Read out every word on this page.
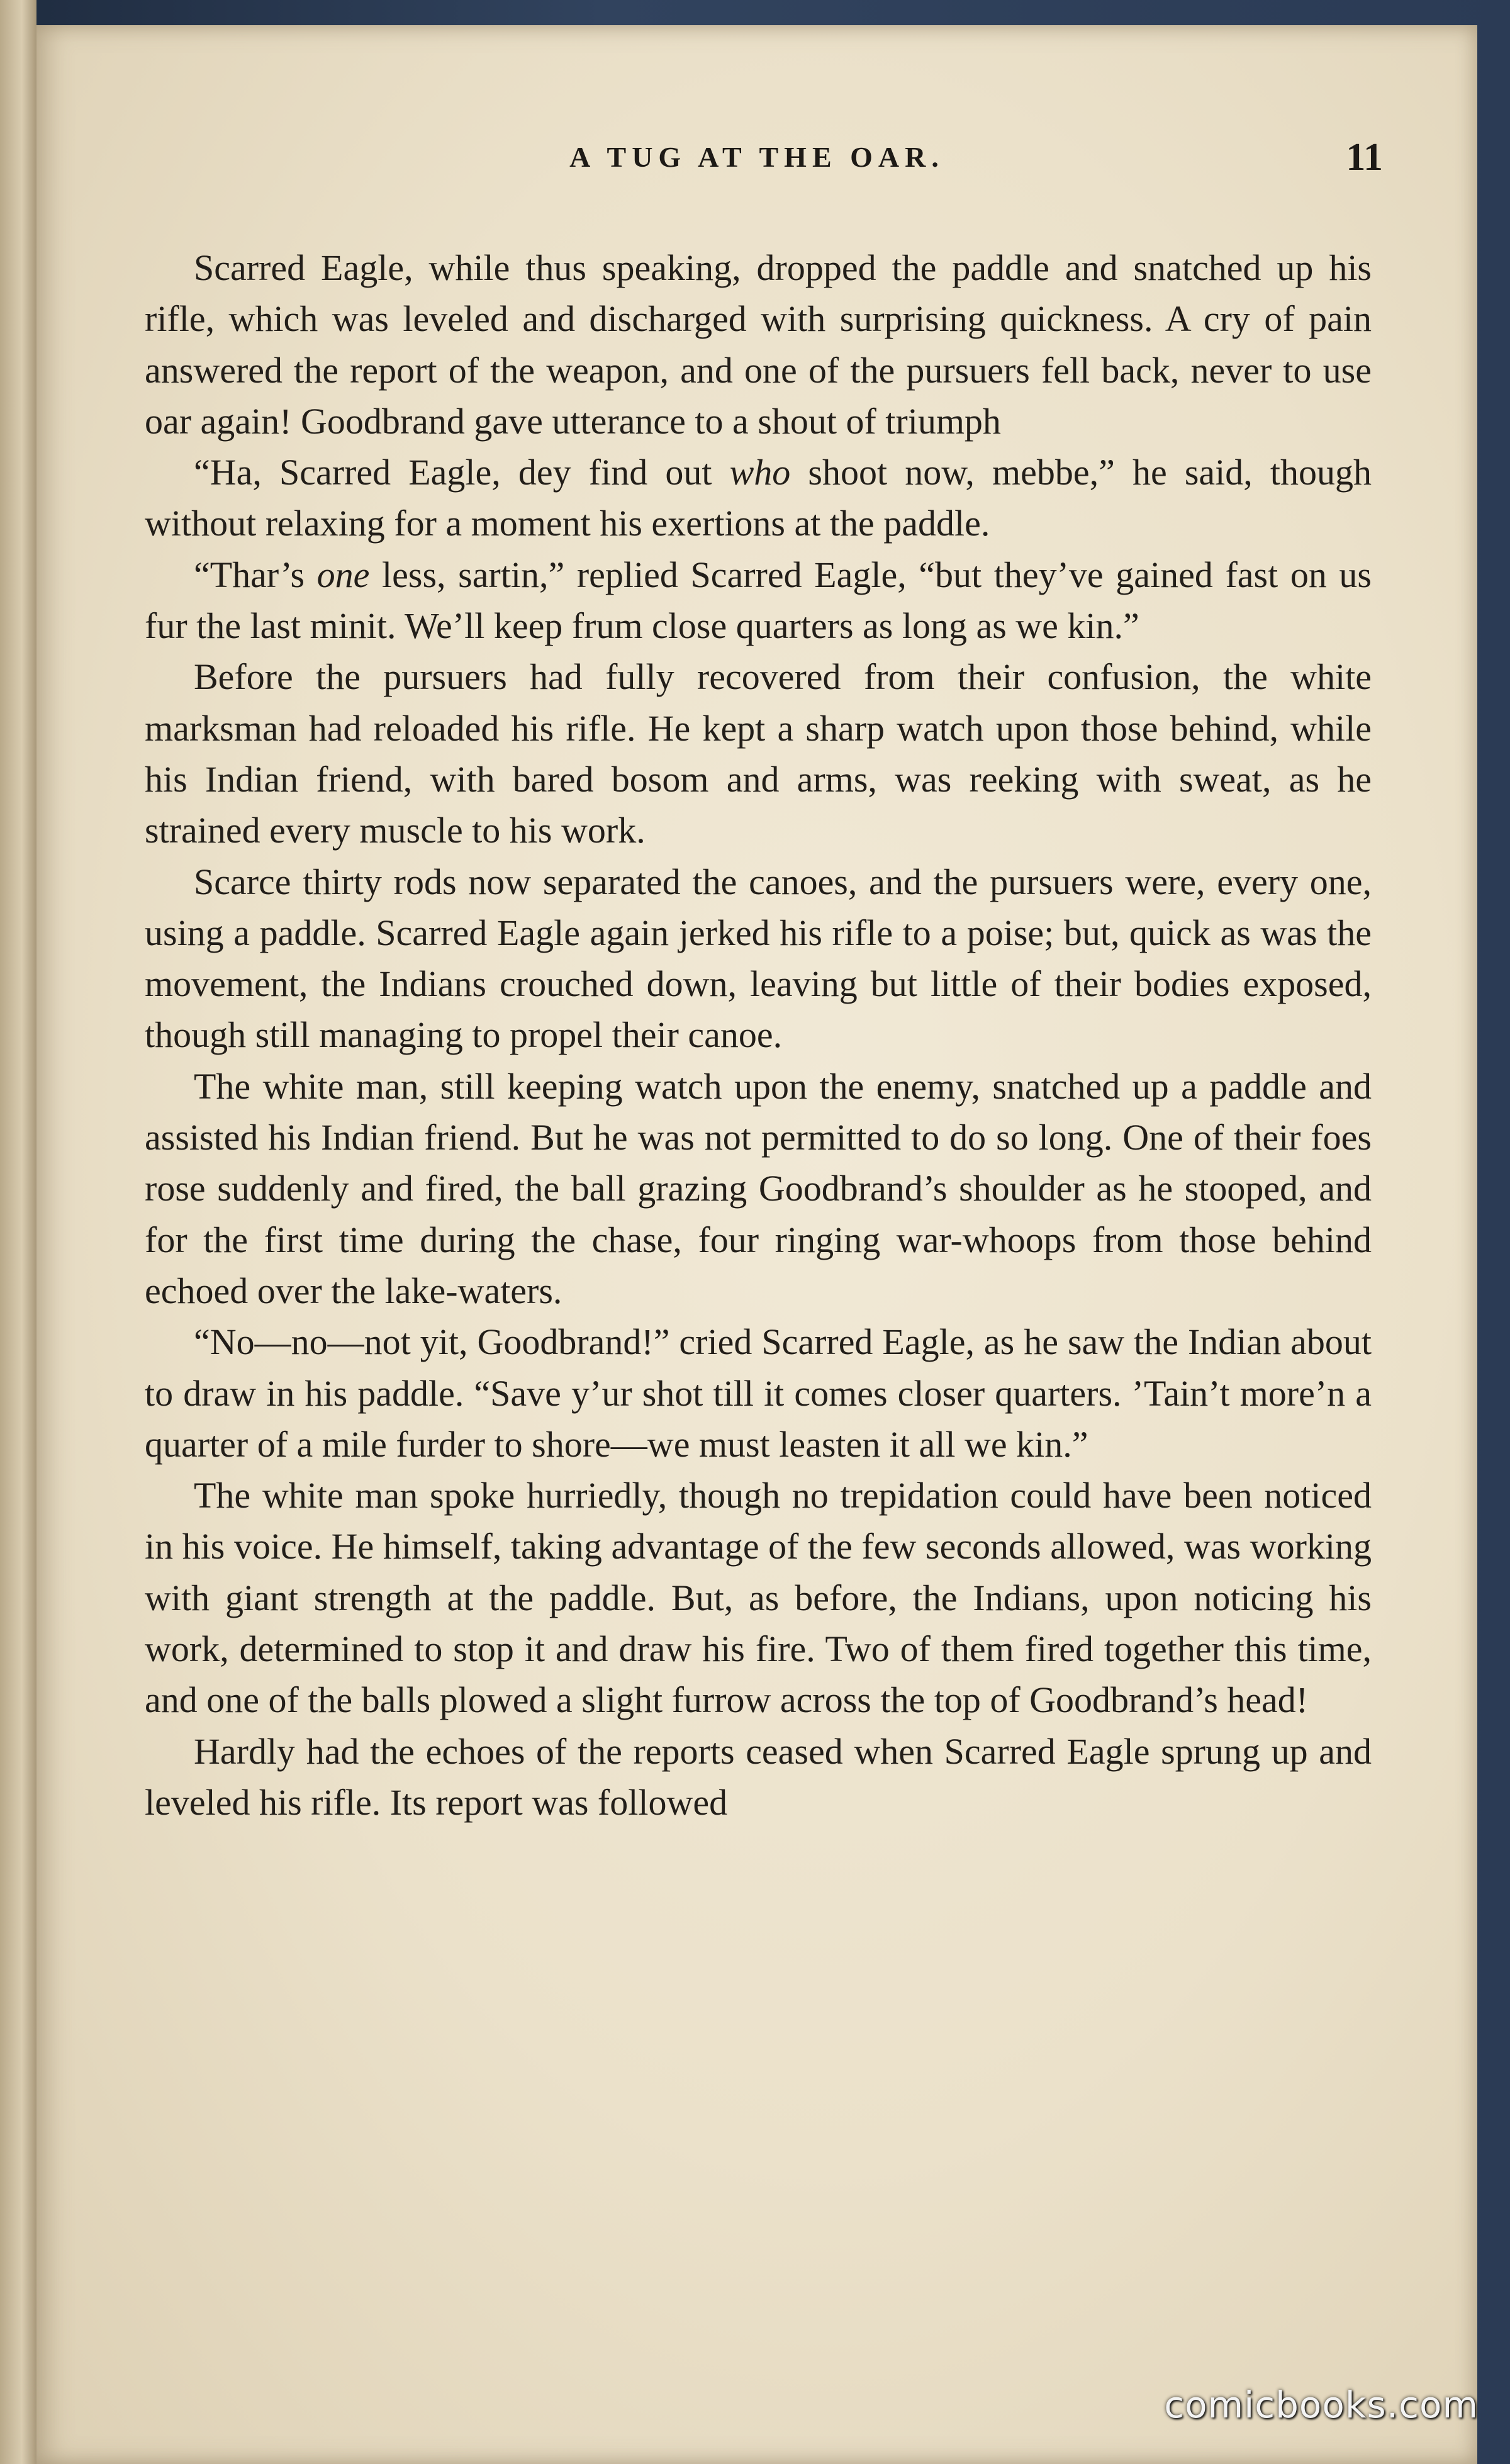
A TUG AT THE OAR.	11

Scarred Eagle, while thus speaking, dropped the paddle and snatched up his rifle, which was leveled and discharged with surprising quickness. A cry of pain answered the report of the weapon, and one of the pursuers fell back, never to use oar again! Goodbrand gave utterance to a shout of triumph

“Ha, Scarred Eagle, dey find out who shoot now, mebbe,” he said, though without relaxing for a moment his exertions at the paddle.

“Thar’s one less, sartin,” replied Scarred Eagle, “but they’ve gained fast on us fur the last minit. We’ll keep frum close quarters as long as we kin.”

Before the pursuers had fully recovered from their confusion, the white marksman had reloaded his rifle. He kept a sharp watch upon those behind, while his Indian friend, with bared bosom and arms, was reeking with sweat, as he strained every muscle to his work.

Scarce thirty rods now separated the canoes, and the pursuers were, every one, using a paddle. Scarred Eagle again jerked his rifle to a poise; but, quick as was the movement, the Indians crouched down, leaving but little of their bodies exposed, though still managing to propel their canoe.

The white man, still keeping watch upon the enemy, snatched up a paddle and assisted his Indian friend. But he was not permitted to do so long. One of their foes rose suddenly and fired, the ball grazing Goodbrand’s shoulder as he stooped, and for the first time during the chase, four ringing war-whoops from those behind echoed over the lake-waters.

“No—no—not yit, Goodbrand!” cried Scarred Eagle, as he saw the Indian about to draw in his paddle. “Save y’ur shot till it comes closer quarters. ’Tain’t more’n a quarter of a mile furder to shore—we must leasten it all we kin.”

The white man spoke hurriedly, though no trepidation could have been noticed in his voice. He himself, taking advantage of the few seconds allowed, was working with giant strength at the paddle. But, as before, the Indians, upon noticing his work, determined to stop it and draw his fire. Two of them fired together this time, and one of the balls plowed a slight furrow across the top of Goodbrand’s head!

Hardly had the echoes of the reports ceased when Scarred Eagle sprung up and leveled his rifle. Its report was followed

comicbooks.com
